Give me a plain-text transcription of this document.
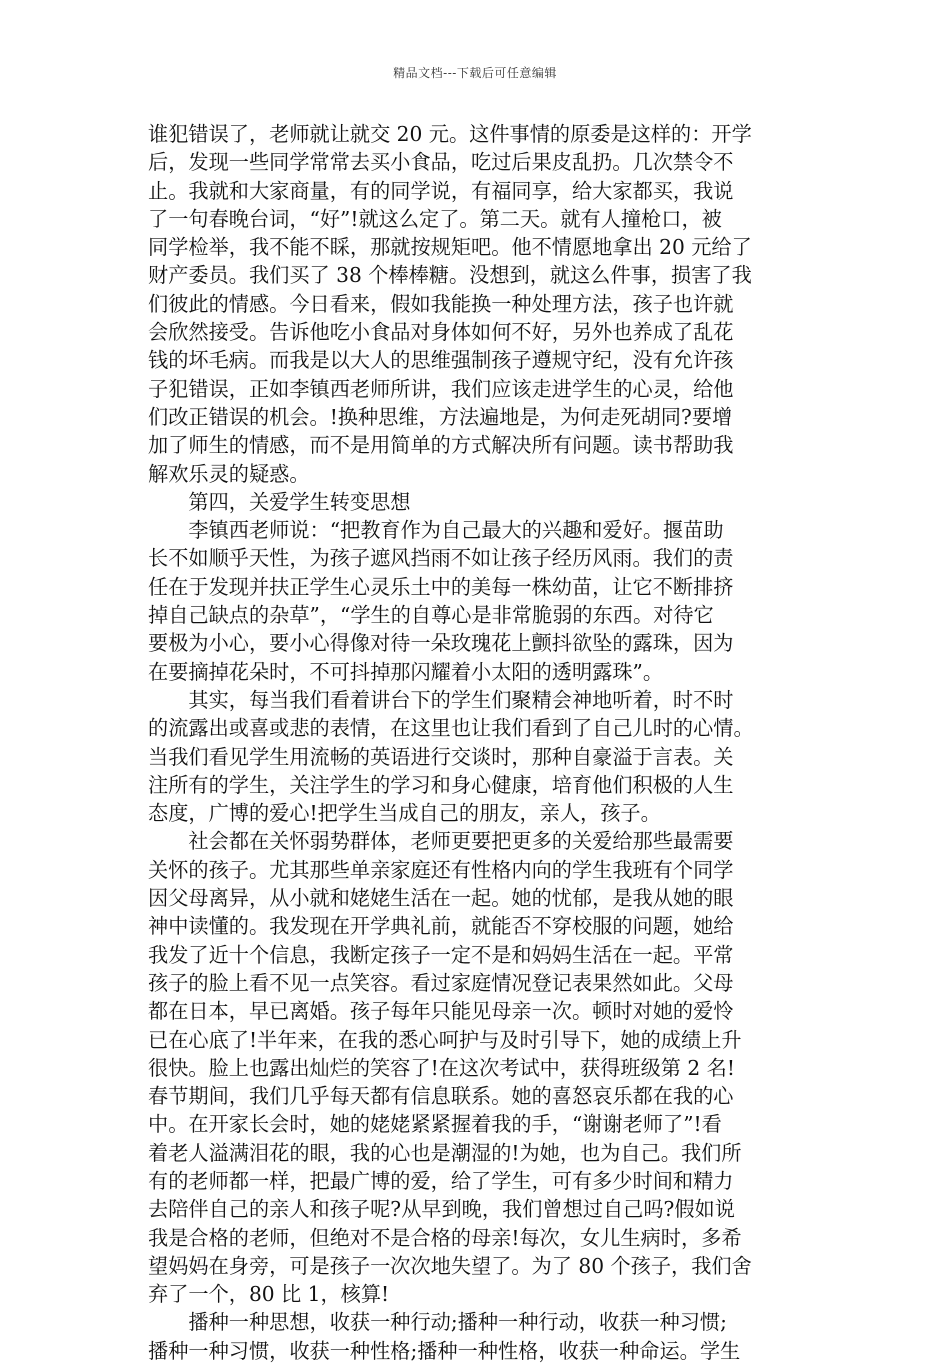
精品文档---下载后可任意编辑

谁犯错误了，老师就让就交 20 元。这件事情的原委是这样的：开学

后，发现一些同学常常去买小食品，吃过后果皮乱扔。几次禁令不

止。我就和大家商量，有的同学说，有福同享，给大家都买，我说

了一句春晚台词，“好”!就这么定了。第二天。就有人撞枪口，被

同学检举，我不能不睬，那就按规矩吧。他不情愿地拿出 20 元给了

财产委员。我们买了 38 个棒棒糖。没想到，就这么件事，损害了我

们彼此的情感。今日看来，假如我能换一种处理方法，孩子也许就

会欣然接受。告诉他吃小食品对身体如何不好，另外也养成了乱花

钱的坏毛病。而我是以大人的思维强制孩子遵规守纪，没有允许孩

子犯错误，正如李镇西老师所讲，我们应该走进学生的心灵，给他

们改正错误的机会。!换种思维，方法遍地是，为何走死胡同?要增

加了师生的情感，而不是用简单的方式解决所有问题。读书帮助我

解欢乐灵的疑惑。

第四，关爱学生转变思想

李镇西老师说：“把教育作为自己最大的兴趣和爱好。揠苗助

长不如顺乎天性，为孩子遮风挡雨不如让孩子经历风雨。我们的责

任在于发现并扶正学生心灵乐土中的美每一株幼苗，让它不断排挤

掉自己缺点的杂草”，“学生的自尊心是非常脆弱的东西。对待它

要极为小心，要小心得像对待一朵玫瑰花上颤抖欲坠的露珠，因为

在要摘掉花朵时，不可抖掉那闪耀着小太阳的透明露珠”。

其实，每当我们看着讲台下的学生们聚精会神地听着，时不时

的流露出或喜或悲的表情，在这里也让我们看到了自己儿时的心情。

当我们看见学生用流畅的英语进行交谈时，那种自豪溢于言表。关

注所有的学生，关注学生的学习和身心健康，培育他们积极的人生

态度，广博的爱心!把学生当成自己的朋友，亲人，孩子。

社会都在关怀弱势群体，老师更要把更多的关爱给那些最需要

关怀的孩子。尤其那些单亲家庭还有性格内向的学生我班有个同学

因父母离异，从小就和姥姥生活在一起。她的忧郁，是我从她的眼

神中读懂的。我发现在开学典礼前，就能否不穿校服的问题，她给

我发了近十个信息，我断定孩子一定不是和妈妈生活在一起。平常

孩子的脸上看不见一点笑容。看过家庭情况登记表果然如此。父母

都在日本，早已离婚。孩子每年只能见母亲一次。顿时对她的爱怜

已在心底了!半年来，在我的悉心呵护与及时引导下，她的成绩上升

很快。脸上也露出灿烂的笑容了!在这次考试中，获得班级第 2 名!

春节期间，我们几乎每天都有信息联系。她的喜怒哀乐都在我的心

中。在开家长会时，她的姥姥紧紧握着我的手，“谢谢老师了”!看

着老人溢满泪花的眼，我的心也是潮湿的!为她，也为自己。我们所

有的老师都一样，把最广博的爱，给了学生，可有多少时间和精力

去陪伴自己的亲人和孩子呢?从早到晚，我们曾想过自己吗?假如说

我是合格的老师，但绝对不是合格的母亲!每次，女儿生病时，多希

望妈妈在身旁，可是孩子一次次地失望了。为了 80 个孩子，我们舍

弃了一个，80 比 1，核算!

播种一种思想，收获一种行动;播种一种行动，收获一种习惯;

播种一种习惯，收获一种性格;播种一种性格，收获一种命运。学生
